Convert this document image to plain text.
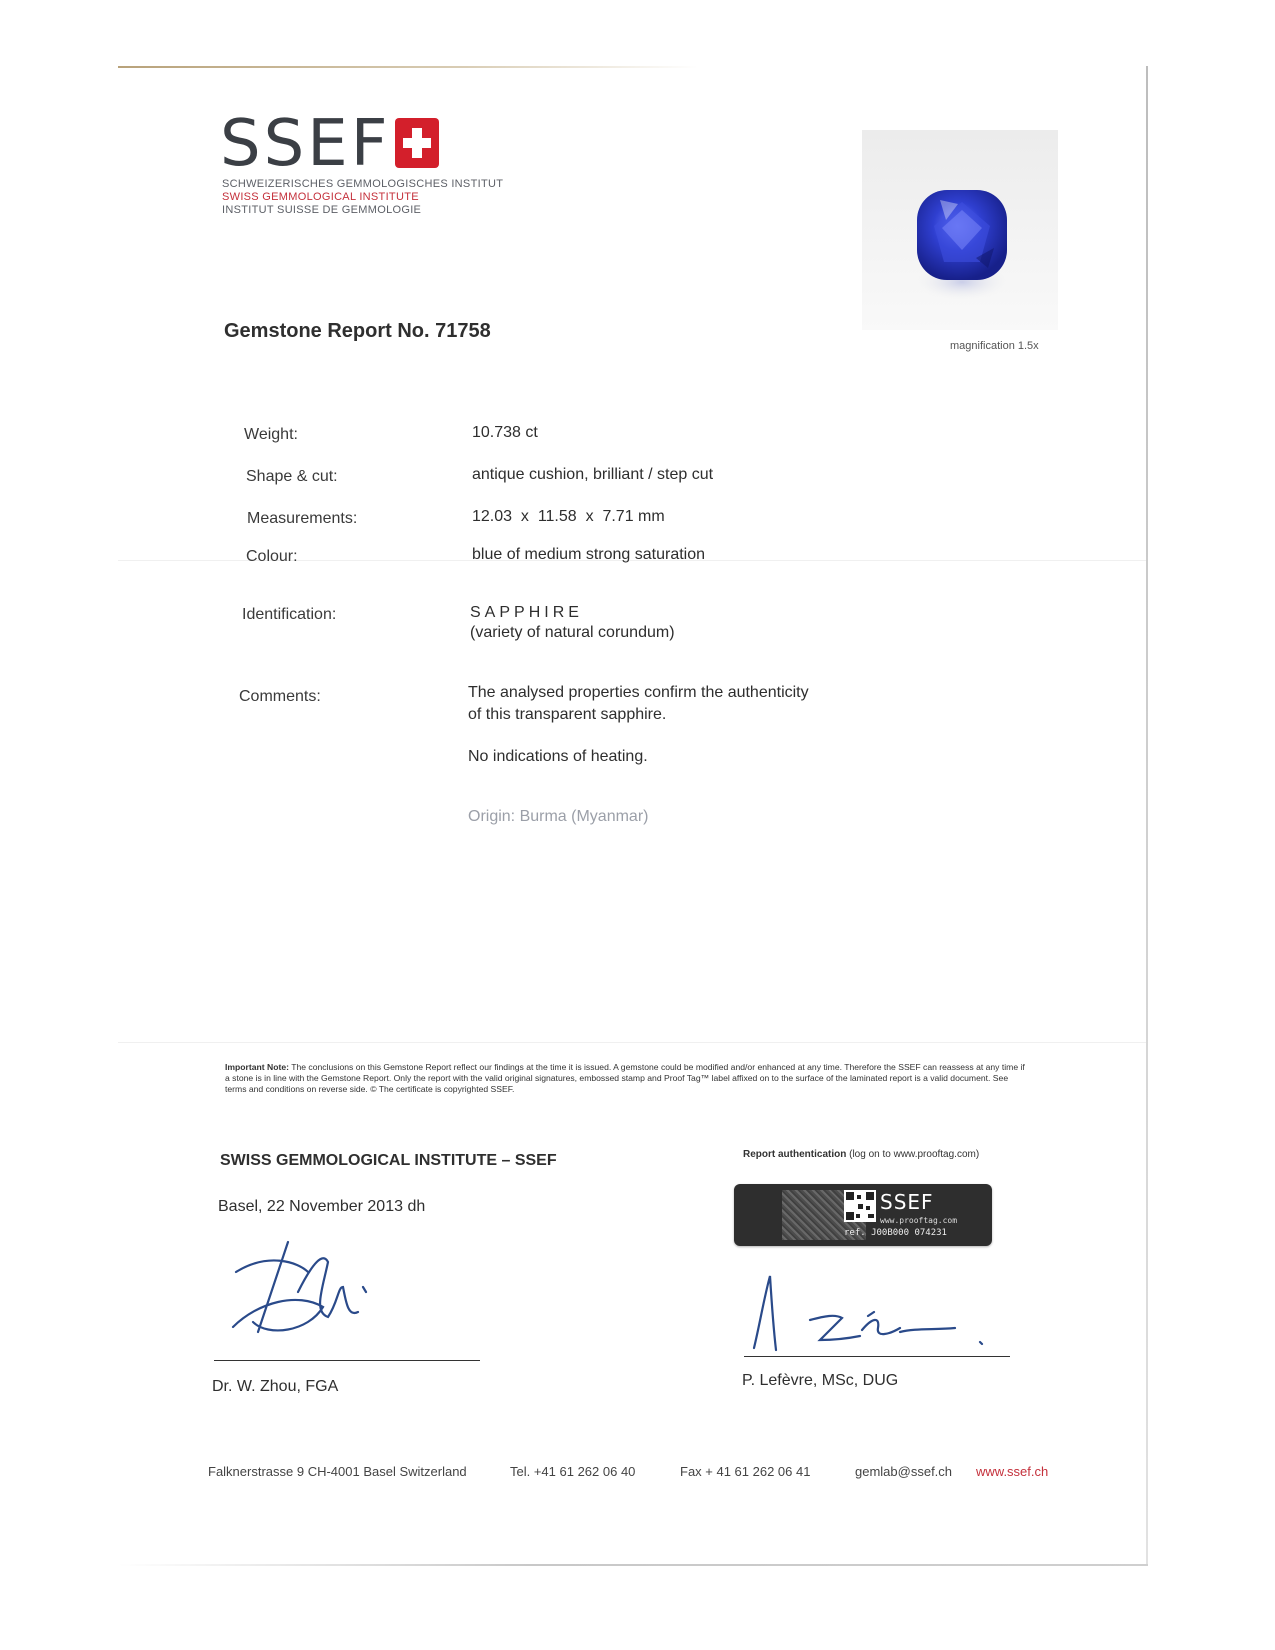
SSEF
SCHWEIZERISCHES GEMMOLOGISCHES INSTITUT
SWISS GEMMOLOGICAL INSTITUTE
INSTITUT SUISSE DE GEMMOLOGIE
magnification 1.5x
Gemstone Report No. 71758
Weight:	10.738 ct
Shape & cut:	antique cushion, brilliant / step cut
Measurements:	12.03  x  11.58  x  7.71 mm
Colour:	blue of medium strong saturation
Identification:	SAPPHIRE
(variety of natural corundum)
Comments:	The analysed properties confirm the authenticity
of this transparent sapphire.
No indications of heating.
Origin: Burma (Myanmar)
Important Note: The conclusions on this Gemstone Report reflect our findings at the time it is issued. A gemstone could be modified and/or enhanced at any time. Therefore the SSEF can reassess at any time if a stone is in line with the Gemstone Report. Only the report with the valid original signatures, embossed stamp and Proof Tag™ label affixed on to the surface of the laminated report is a valid document. See terms and conditions on reverse side. © The certificate is copyrighted SSEF.
SWISS GEMMOLOGICAL INSTITUTE – SSEF
Basel, 22 November 2013 dh
Report authentication (log on to www.prooftag.com)
SSEF
www.prooftag.com
ref. J00B000 074231
Dr. W. Zhou, FGA	P. Lefèvre, MSc, DUG
Falknerstrasse 9 CH-4001 Basel Switzerland	Tel. +41 61 262 06 40	Fax + 41 61 262 06 41	gemlab@ssef.ch www.ssef.ch
